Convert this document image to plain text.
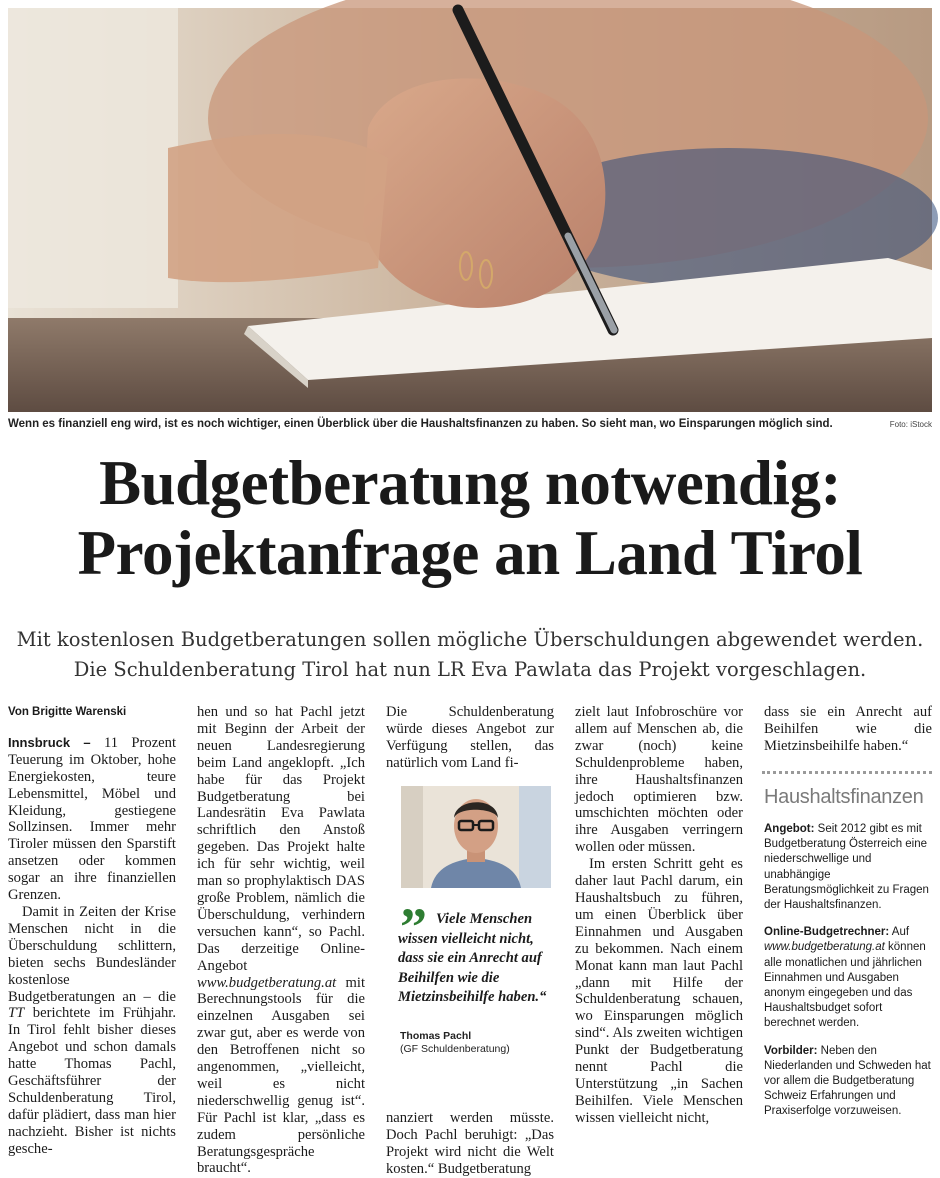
Wenn es finanziell eng wird, ist es noch wichtiger, einen Überblick über die Haushaltsfinanzen zu haben. So sieht man, wo Einsparungen möglich sind.	Foto: iStock
Budgetberatung notwendig:
Projektanfrage an Land Tirol

Mit kostenlosen Budgetberatungen sollen mögliche Überschuldungen abgewendet werden. Die Schuldenberatung Tirol hat nun LR Eva Pawlata das Projekt vorgeschlagen.

Von Brigitte Warenski

Innsbruck – 11 Prozent Teuerung im Oktober, hohe Energiekosten, teure Lebensmittel, Möbel und Kleidung, gestiegene Sollzinsen. Immer mehr Tiroler müssen den Sparstift ansetzen oder kommen sogar an ihre finanziellen Grenzen.

Damit in Zeiten der Krise Menschen nicht in die Überschuldung schlittern, bieten sechs Bundesländer kostenlose Budgetberatungen an – die TT berichtete im Frühjahr. In Tirol fehlt bisher dieses Angebot und schon damals hatte Thomas Pachl, Geschäftsführer der Schuldenberatung Tirol, dafür plädiert, dass man hier nachzieht. Bisher ist nichts gesche-

hen und so hat Pachl jetzt mit Beginn der Arbeit der neuen Landesregierung beim Land angeklopft. „Ich habe für das Projekt Budgetberatung bei Landesrätin Eva Pawlata schriftlich den Anstoß gegeben. Das Projekt halte ich für sehr wichtig, weil man so prophylaktisch DAS große Problem, nämlich die Überschuldung, verhindern versuchen kann“, so Pachl. Das derzeitige Online-Angebot www.budgetberatung.at mit Berechnungstools für die einzelnen Ausgaben sei zwar gut, aber es werde von den Betroffenen nicht so angenommen, „vielleicht, weil es nicht niederschwellig genug ist“. Für Pachl ist klar, „dass es zudem persönliche Beratungsgespräche braucht“.

Die Schuldenberatung würde dieses Angebot zur Verfügung stellen, das natürlich vom Land fi-

” Viele Menschen wissen vielleicht nicht, dass sie ein Anrecht auf Beihilfen wie die Mietzinsbeihilfe haben.“
Thomas Pachl
(GF Schuldenberatung)

nanziert werden müsste. Doch Pachl beruhigt: „Das Projekt wird nicht die Welt kosten.“ Budgetberatung

zielt laut Infobroschüre vor allem auf Menschen ab, die zwar (noch) keine Schuldenprobleme haben, ihre Haushaltsfinanzen jedoch optimieren bzw. umschichten möchten oder ihre Ausgaben verringern wollen oder müssen.

Im ersten Schritt geht es daher laut Pachl darum, ein Haushaltsbuch zu führen, um einen Überblick über Einnahmen und Ausgaben zu bekommen. Nach einem Monat kann man laut Pachl „dann mit Hilfe der Schuldenberatung schauen, wo Einsparungen möglich sind“. Als zweiten wichtigen Punkt der Budgetberatung nennt Pachl die Unterstützung „in Sachen Beihilfen. Viele Menschen wissen vielleicht nicht,

dass sie ein Anrecht auf Beihilfen wie die Mietzinsbeihilfe haben.“

Haushaltsfinanzen

Angebot: Seit 2012 gibt es mit Budgetberatung Österreich eine niederschwellige und unabhängige Beratungsmöglichkeit zu Fragen der Haushaltsfinanzen.

Online-Budgetrechner: Auf www.budgetberatung.at können alle monatlichen und jährlichen Einnahmen und Ausgaben anonym eingegeben und das Haushaltsbudget sofort berechnet werden.

Vorbilder: Neben den Niederlanden und Schweden hat vor allem die Budgetberatung Schweiz Erfahrungen und Praxiserfolge vorzuweisen.
